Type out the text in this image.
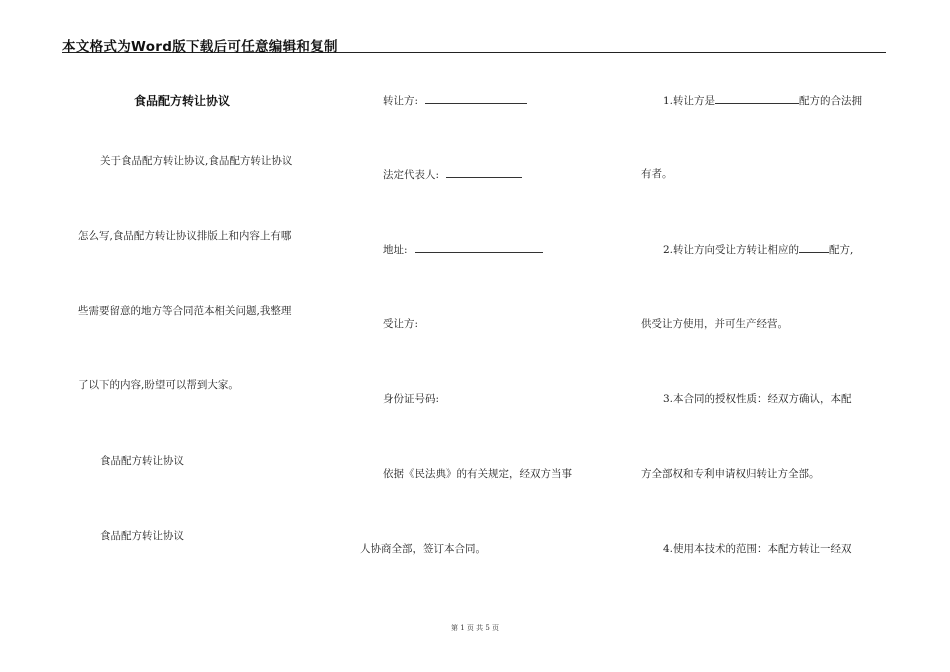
本文格式为Word版下载后可任意编辑和复制
食品配方转让协议
关于食品配方转让协议,食品配方转让协议
怎么写,食品配方转让协议排版上和内容上有哪
些需要留意的地方等合同范本相关问题,我整理
了以下的内容,盼望可以帮到大家。
食品配方转让协议
食品配方转让协议
转让方:
法定代表人:
地址:
受让方:
身份证号码:
依据《民法典》的有关规定，经双方当事
人协商全部，签订本合同。
1.转让方是	配方的合法拥
有者。
2.转让方向受让方转让相应的	配方,
供受让方使用，并可生产经营。
3.本合同的授权性质：经双方确认，本配
方全部权和专利申请权归转让方全部。
4.使用本技术的范围：本配方转让一经双
第 1 页 共 5 页
